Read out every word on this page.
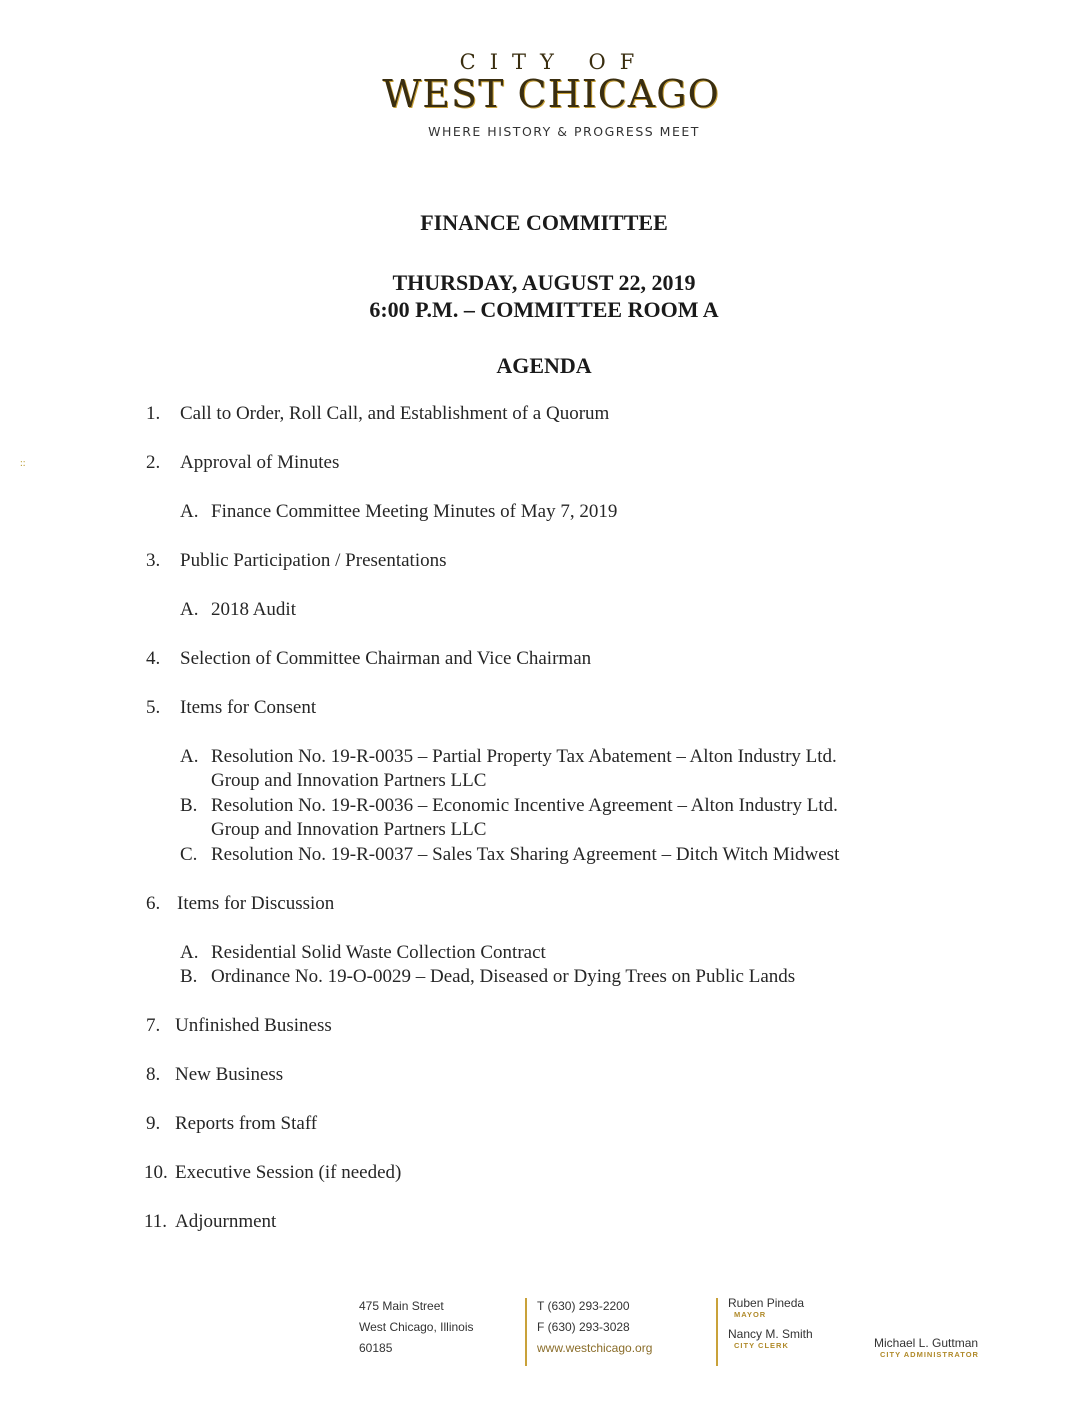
CITY OF
WEST CHICAGO
WHERE HISTORY & PROGRESS MEET
::
FINANCE COMMITTEE
THURSDAY, AUGUST 22, 2019
6:00 P.M. – COMMITTEE ROOM A
AGENDA
1. Call to Order, Roll Call, and Establishment of a Quorum
2. Approval of Minutes
A. Finance Committee Meeting Minutes of May 7, 2019
3. Public Participation / Presentations
A. 2018 Audit
4. Selection of Committee Chairman and Vice Chairman
5. Items for Consent
A. Resolution No. 19-R-0035 – Partial Property Tax Abatement – Alton Industry Ltd.
Group and Innovation Partners LLC
B. Resolution No. 19-R-0036 – Economic Incentive Agreement – Alton Industry Ltd.
Group and Innovation Partners LLC
C. Resolution No. 19-R-0037 – Sales Tax Sharing Agreement – Ditch Witch Midwest
6. Items for Discussion
A. Residential Solid Waste Collection Contract
B. Ordinance No. 19-O-0029 – Dead, Diseased or Dying Trees on Public Lands
7. Unfinished Business
8. New Business
9. Reports from Staff
10. Executive Session (if needed)
11. Adjournment
475 Main Street
West Chicago, Illinois
60185
T (630) 293-2200
F (630) 293-3028
www.westchicago.org
Ruben Pineda
MAYOR
Nancy M. Smith
CITY CLERK	Michael L. Guttman
CITY ADMINISTRATOR
